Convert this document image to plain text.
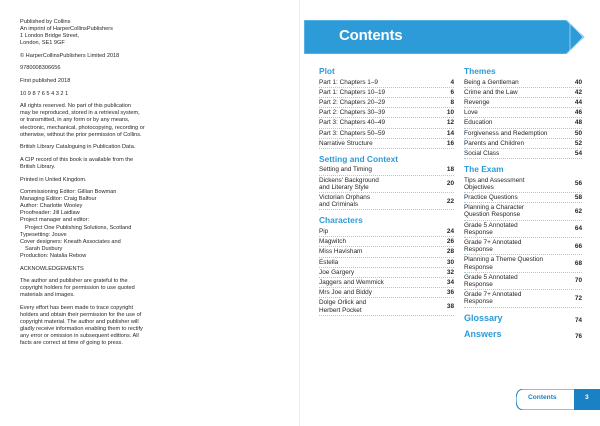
Published by Collins
An imprint of HarperCollinsPublishers
1 London Bridge Street,
London, SE1 9GF
© HarperCollinsPublishers Limited 2018
9780008306656
First published 2018
10 9 8 7 6 5 4 3 2 1
All rights reserved. No part of this publication
may be reproduced, stored in a retrieval system,
or transmitted, in any form or by any means,
electronic, mechanical, photocopying, recording or
otherwise, without the prior permission of Collins.
British Library Cataloguing in Publication Data.
A CIP record of this book is available from the
British Library.
Printed in United Kingdom.
Commissioning Editor: Gillian Bowman
Managing Editor: Craig Balfour
Author: Charlotte Wooley
Proofreader: Jill Laidlaw
Project manager and editor:
Project One Publishing Solutions, Scotland
Typesetting: Jouve
Cover designers: Kneath Associates and
Sarah Duxbury
Production: Natalia Rebow
ACKNOWLEDGEMENTS
The author and publisher are grateful to the
copyright holders for permission to use quoted
materials and images.
Every effort has been made to trace copyright
holders and obtain their permission for the use of
copyright material. The author and publisher will
gladly receive information enabling them to rectify
any error or omission in subsequent editions. All
facts are correct at time of going to press.
Contents
Plot
Part 1: Chapters 1–9	4
Part 1: Chapters 10–19	6
Part 2: Chapters 20–29	8
Part 2: Chapters 30–39	10
Part 3: Chapters 40–49	12
Part 3: Chapters 50–59	14
Narrative Structure	16
Setting and Context
Setting and Timing	18
Dickens' Background
and Literary Style
20
Victorian Orphans
and Criminals
22
Characters
Pip	24
Magwitch	26
Miss Havisham	28
Estella	30
Joe Gargery	32
Jaggers and Wemmick	34
Mrs Joe and Biddy	36
Dolge Orlick and
Herbert Pocket
38
Themes
Being a Gentleman	40
Crime and the Law	42
Revenge	44
Love	46
Education	48
Forgiveness and Redemption	50
Parents and Children	52
Social Class	54
The Exam
Tips and Assessment
Objectives
56
Practice Questions	58
Planning a Character
Question Response
62
Grade 5 Annotated
Response
64
Grade 7+ Annotated
Response
66
Planning a Theme Question
Response
68
Grade 5 Annotated
Response
70
Grade 7+ Annotated
Response
72
Glossary	74
Answers	76
Contents	3
